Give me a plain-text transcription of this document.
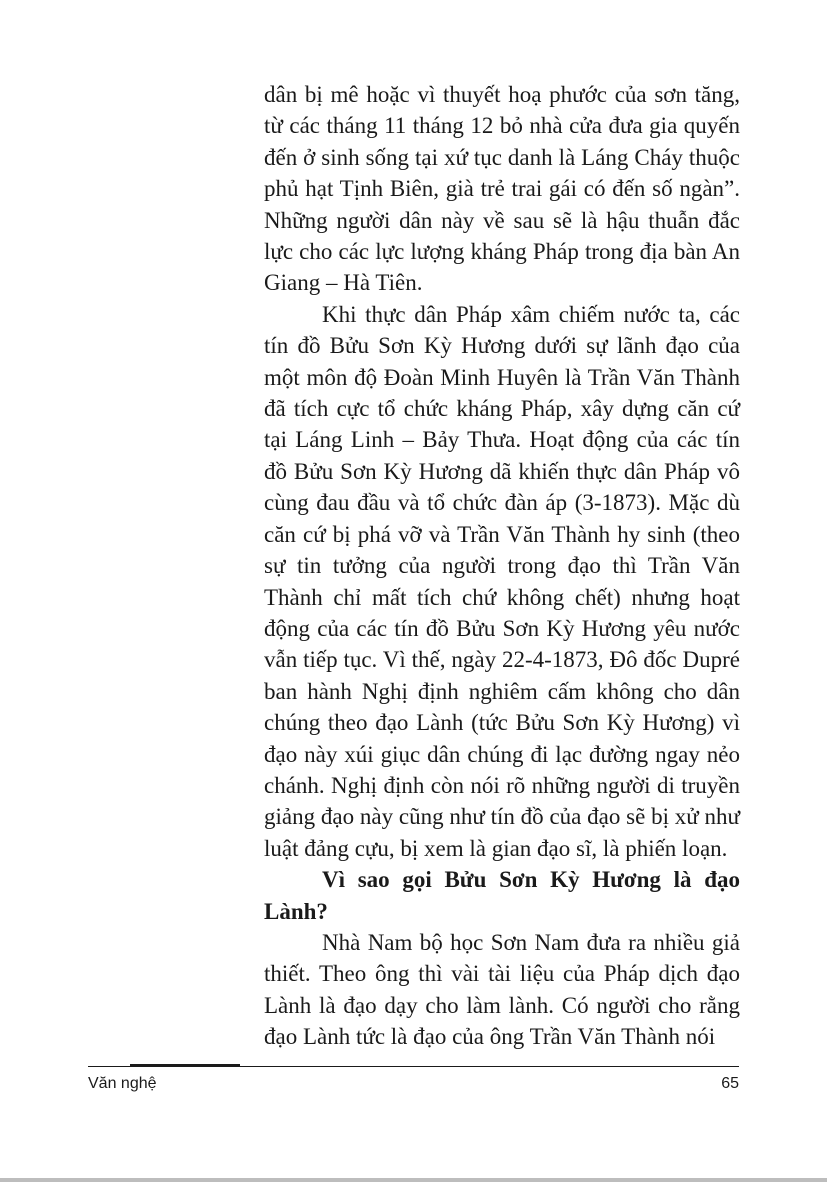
dân bị mê hoặc vì thuyết hoạ phước của sơn tăng, từ các tháng 11 tháng 12 bỏ nhà cửa đưa gia quyến đến ở sinh sống tại xứ tục danh là Láng Cháy thuộc phủ hạt Tịnh Biên, già trẻ trai gái có đến số ngàn”. Những người dân này về sau sẽ là hậu thuẫn đắc lực cho các lực lượng kháng Pháp trong địa bàn An Giang – Hà Tiên.

Khi thực dân Pháp xâm chiếm nước ta, các tín đồ Bửu Sơn Kỳ Hương dưới sự lãnh đạo của một môn độ Đoàn Minh Huyên là Trần Văn Thành đã tích cực tổ chức kháng Pháp, xây dựng căn cứ tại Láng Linh – Bảy Thưa. Hoạt động của các tín đồ Bửu Sơn Kỳ Hương dã khiến thực dân Pháp vô cùng đau đầu và tổ chức đàn áp (3-1873). Mặc dù căn cứ bị phá vỡ và Trần Văn Thành hy sinh (theo sự tin tưởng của người trong đạo thì Trần Văn Thành chỉ mất tích chứ không chết) nhưng hoạt động của các tín đồ Bửu Sơn Kỳ Hương yêu nước vẫn tiếp tục. Vì thế, ngày 22-4-1873, Đô đốc Dupré ban hành Nghị định nghiêm cấm không cho dân chúng theo đạo Lành (tức Bửu Sơn Kỳ Hương) vì đạo này xúi giục dân chúng đi lạc đường ngay nẻo chánh. Nghị định còn nói rõ những người di truyền giảng đạo này cũng như tín đồ của đạo sẽ bị xử như luật đảng cựu, bị xem là gian đạo sĩ, là phiến loạn.

Vì sao gọi Bửu Sơn Kỳ Hương là đạo Lành?

Nhà Nam bộ học Sơn Nam đưa ra nhiều giả thiết. Theo ông thì vài tài liệu của Pháp dịch đạo Lành là đạo dạy cho làm lành. Có người cho rằng đạo Lành tức là đạo của ông Trần Văn Thành nói

Văn nghệ	65
